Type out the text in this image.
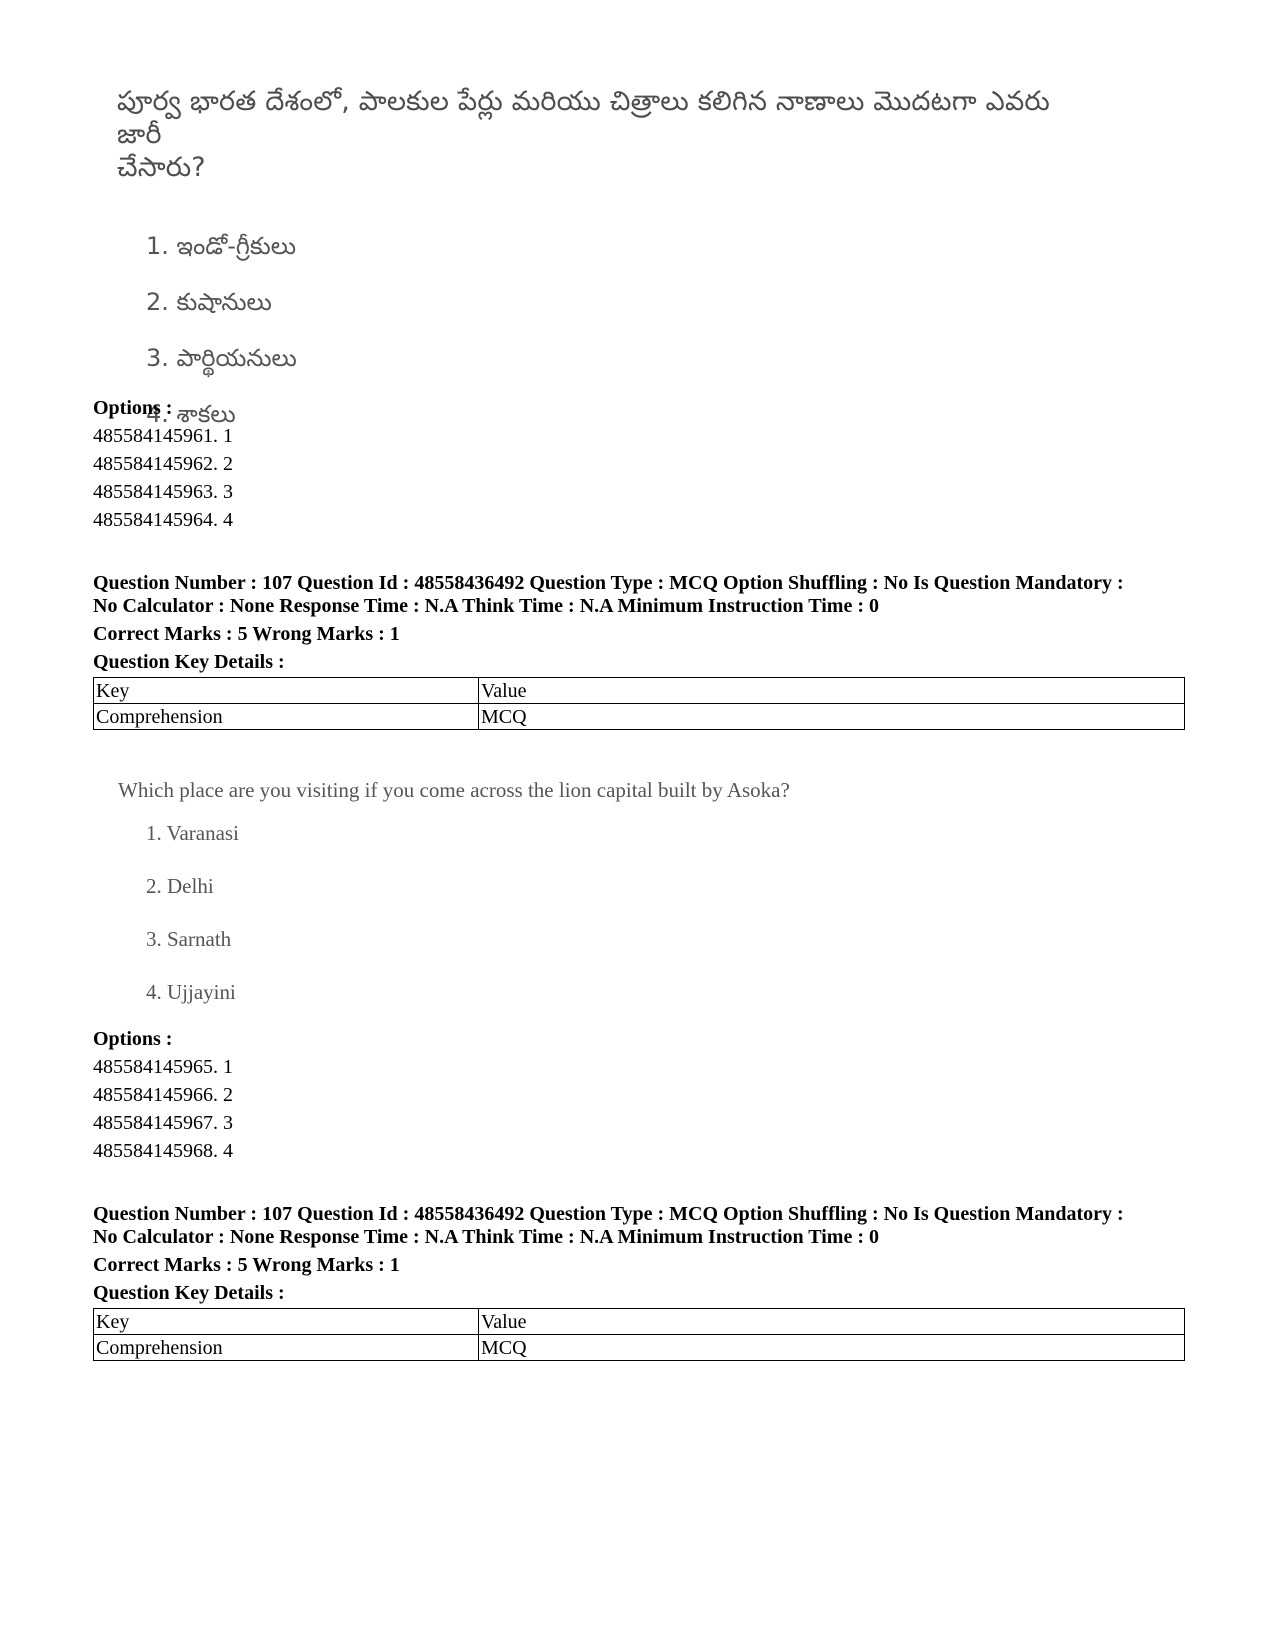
పూర్వ భారత దేశంలో, పాలకుల పేర్లు మరియు చిత్రాలు కలిగిన నాణాలు మొదటగా ఎవరు జారీ

చేసారు?

1. ఇండో-గ్రీకులు

2. కుషానులు

3. పార్థియనులు

4. శాకలు

Options :
485584145961. 1
485584145962. 2
485584145963. 3
485584145964. 4
Question Number : 107 Question Id : 48558436492 Question Type : MCQ Option Shuffling : No Is Question Mandatory :
No Calculator : None Response Time : N.A Think Time : N.A Minimum Instruction Time : 0
Correct Marks : 5 Wrong Marks : 1
Question Key Details :
Key	Value
Comprehension	MCQ

Which place are you visiting if you come across the lion capital built by Asoka?

1. Varanasi

2. Delhi

3. Sarnath

4. Ujjayini

Options :
485584145965. 1
485584145966. 2
485584145967. 3
485584145968. 4
Question Number : 107 Question Id : 48558436492 Question Type : MCQ Option Shuffling : No Is Question Mandatory :
No Calculator : None Response Time : N.A Think Time : N.A Minimum Instruction Time : 0
Correct Marks : 5 Wrong Marks : 1
Question Key Details :
Key	Value
Comprehension	MCQ
